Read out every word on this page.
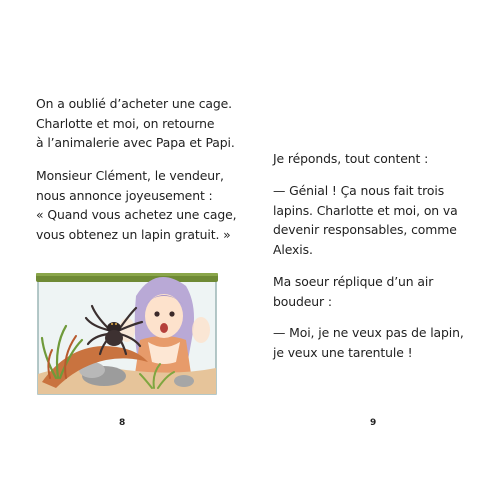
On a oublié d’acheter une cage.
Charlotte et moi, on retourne
à l’animalerie avec Papa et Papi.

Monsieur Clément, le vendeur,
nous annonce joyeusement :
« Quand vous achetez une cage,
vous obtenez un lapin gratuit. »

8

Je réponds, tout content :

— Génial ! Ça nous fait trois
lapins. Charlotte et moi, on va
devenir responsables, comme
Alexis.

Ma soeur réplique d’un air
boudeur :

— Moi, je ne veux pas de lapin,
je veux une tarentule !

9
